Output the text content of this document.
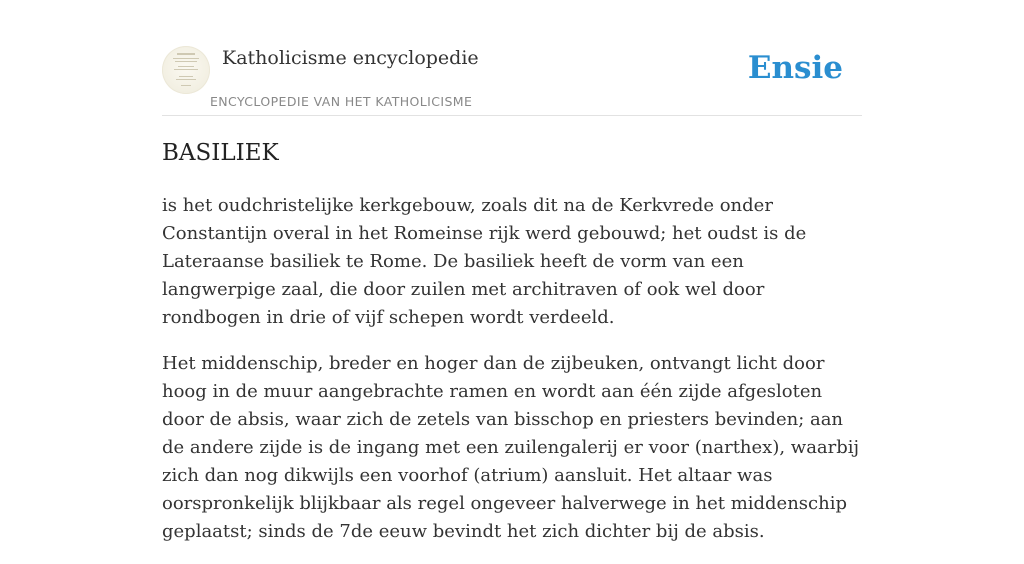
Katholicisme encyclopedie
ENCYCLOPEDIE VAN HET KATHOLICISME
Ensie
BASILIEK

is het oudchristelijke kerkgebouw, zoals dit na de Kerkvrede onder Constantijn overal in het Romeinse rijk werd gebouwd; het oudst is de Lateraanse basiliek te Rome. De basiliek heeft de vorm van een langwerpige zaal, die door zuilen met architraven of ook wel door rondbogen in drie of vijf schepen wordt verdeeld.

Het middenschip, breder en hoger dan de zijbeuken, ontvangt licht door hoog in de muur aangebrachte ramen en wordt aan één zijde afgesloten door de absis, waar zich de zetels van bisschop en priesters bevinden; aan de andere zijde is de ingang met een zuilengalerij er voor (narthex), waarbij zich dan nog dikwijls een voorhof (atrium) aansluit. Het altaar was oorspronkelijk blijkbaar als regel ongeveer halverwege in het middenschip geplaatst; sinds de 7de eeuw bevindt het zich dichter bij de absis.
